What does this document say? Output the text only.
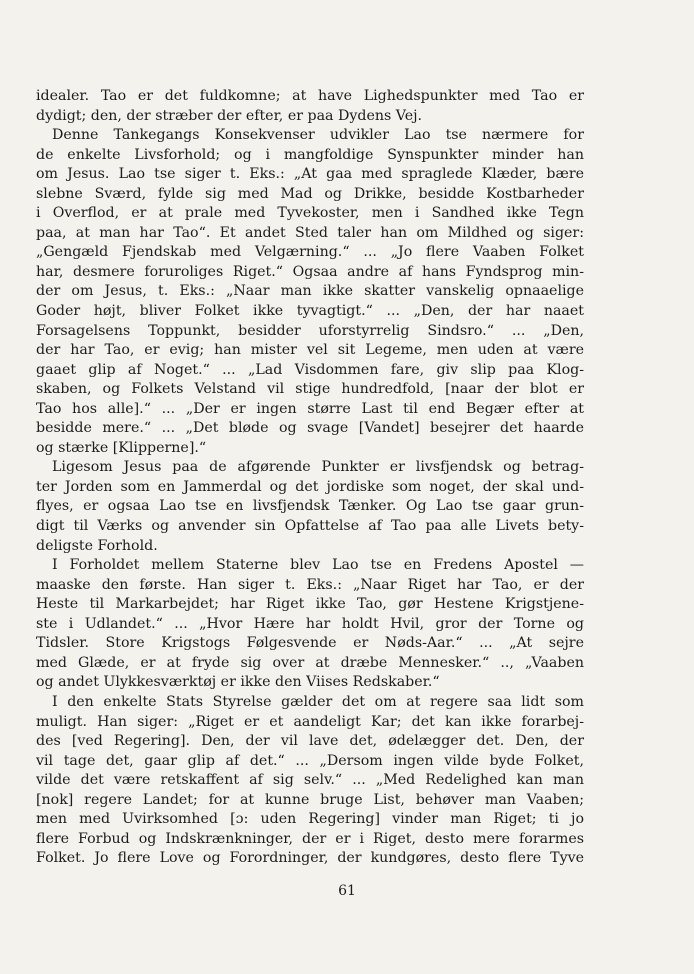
idealer. Tao er det fuldkomne; at have Lighedspunkter med Tao er
dydigt; den, der stræber der efter, er paa Dydens Vej.
Denne Tankegangs Konsekvenser udvikler Lao tse nærmere for
de enkelte Livsforhold; og i mangfoldige Synspunkter minder han
om Jesus. Lao tse siger t. Eks.: „At gaa med spraglede Klæder, bære
slebne Sværd, fylde sig med Mad og Drikke, besidde Kostbarheder
i Overflod, er at prale med Tyvekoster, men i Sandhed ikke Tegn
paa, at man har Tao“. Et andet Sted taler han om Mildhed og siger:
„Gengæld Fjendskab med Velgærning.“ ... „Jo flere Vaaben Folket
har, desmere foruroliges Riget.“ Ogsaa andre af hans Fyndsprog min-
der om Jesus, t. Eks.: „Naar man ikke skatter vanskelig opnaaelige
Goder højt, bliver Folket ikke tyvagtigt.“ ... „Den, der har naaet
Forsagelsens Toppunkt, besidder uforstyrrelig Sindsro.“ ... „Den,
der har Tao, er evig; han mister vel sit Legeme, men uden at være
gaaet glip af Noget.“ ... „Lad Visdommen fare, giv slip paa Klog-
skaben, og Folkets Velstand vil stige hundredfold, [naar der blot er
Tao hos alle].“ ... „Der er ingen større Last til end Begær efter at
besidde mere.“ ... „Det bløde og svage [Vandet] besejrer det haarde
og stærke [Klipperne].“
Ligesom Jesus paa de afgørende Punkter er livsfjendsk og betrag-
ter Jorden som en Jammerdal og det jordiske som noget, der skal und-
flyes, er ogsaa Lao tse en livsfjendsk Tænker. Og Lao tse gaar grun-
digt til Værks og anvender sin Opfattelse af Tao paa alle Livets bety-
deligste Forhold.
I Forholdet mellem Staterne blev Lao tse en Fredens Apostel —
maaske den første. Han siger t. Eks.: „Naar Riget har Tao, er der
Heste til Markarbejdet; har Riget ikke Tao, gør Hestene Krigstjene-
ste i Udlandet.“ ... „Hvor Hære har holdt Hvil, gror der Torne og
Tidsler. Store Krigstogs Følgesvende er Nøds-Aar.“ ... „At sejre
med Glæde, er at fryde sig over at dræbe Mennesker.“ .., „Vaaben
og andet Ulykkesværktøj er ikke den Viises Redskaber.“
I den enkelte Stats Styrelse gælder det om at regere saa lidt som
muligt. Han siger: „Riget er et aandeligt Kar; det kan ikke forarbej-
des [ved Regering]. Den, der vil lave det, ødelægger det. Den, der
vil tage det, gaar glip af det.“ ... „Dersom ingen vilde byde Folket,
vilde det være retskaffent af sig selv.“ ... „Med Redelighed kan man
[nok] regere Landet; for at kunne bruge List, behøver man Vaaben;
men med Uvirksomhed [ɔ: uden Regering] vinder man Riget; ti jo
flere Forbud og Indskrænkninger, der er i Riget, desto mere forarmes
Folket. Jo flere Love og Forordninger, der kundgøres, desto flere Tyve
61
